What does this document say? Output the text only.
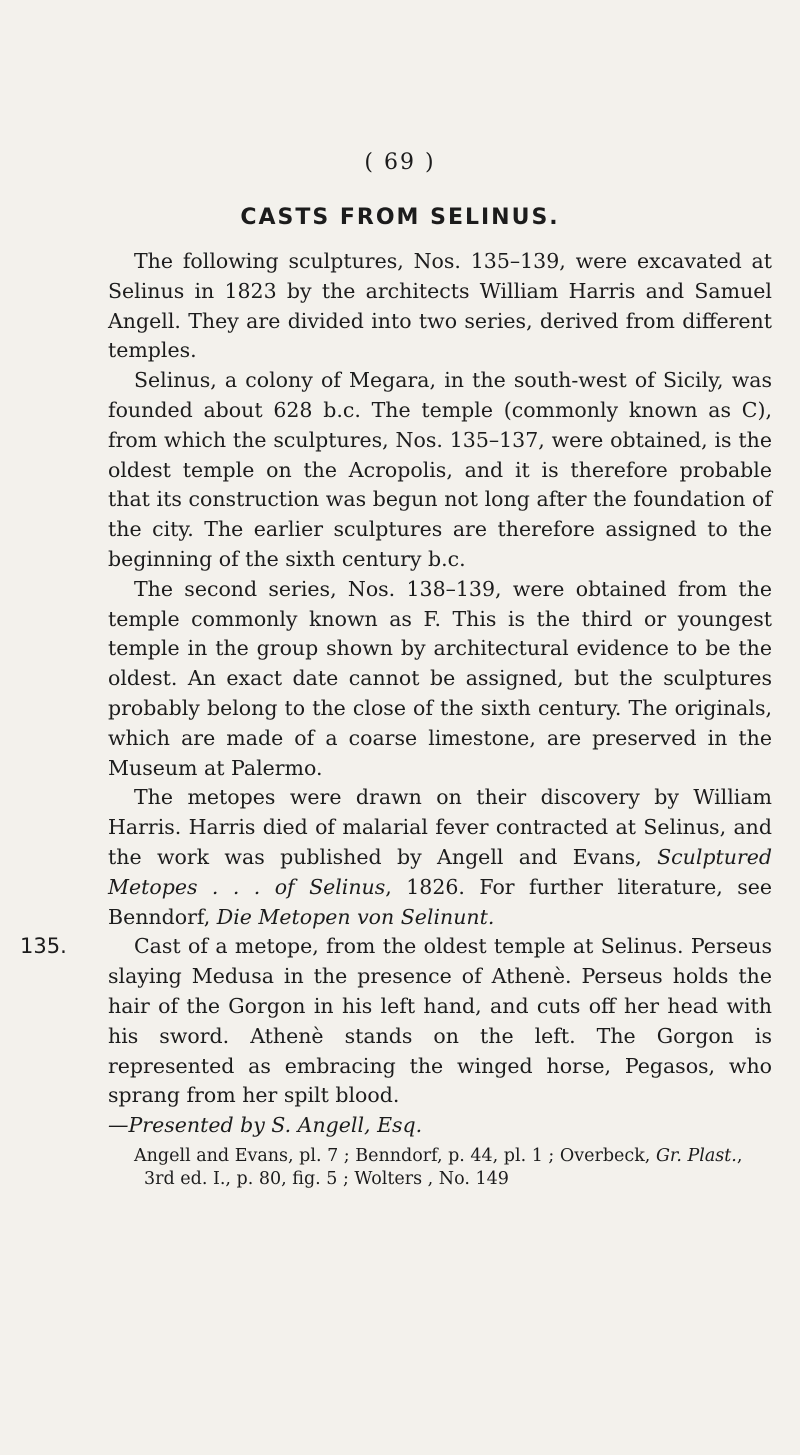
( 69 )
CASTS FROM SELINUS.

The following sculptures, Nos. 135–139, were excavated at Selinus in 1823 by the architects William Harris and Samuel Angell. They are divided into two series, derived from different temples.

Selinus, a colony of Megara, in the south-west of Sicily, was founded about 628 b.c. The temple (commonly known as C), from which the sculptures, Nos. 135–137, were obtained, is the oldest temple on the Acropolis, and it is therefore probable that its construction was begun not long after the foundation of the city. The earlier sculptures are therefore assigned to the beginning of the sixth century b.c.

The second series, Nos. 138–139, were obtained from the temple commonly known as F. This is the third or youngest temple in the group shown by architectural evidence to be the oldest. An exact date cannot be assigned, but the sculptures probably belong to the close of the sixth century. The originals, which are made of a coarse limestone, are preserved in the Museum at Palermo.

The metopes were drawn on their discovery by William Harris. Harris died of malarial fever contracted at Selinus, and the work was published by Angell and Evans, Sculptured Metopes . . . of Selinus, 1826. For further literature, see Benndorf, Die Metopen von Selinunt.

135.	Cast of a metope, from the oldest temple at Selinus. Perseus slaying Medusa in the presence of Athenè. Perseus holds the hair of the Gorgon in his left hand, and cuts off her head with his sword. Athenè stands on the left. The Gorgon is represented as embracing the winged horse, Pegasos, who sprang from her spilt blood.
—Presented by S. Angell, Esq.
Angell and Evans, pl. 7 ; Benndorf, p. 44, pl. 1 ; Overbeck, Gr. Plast.,
3rd ed. I., p. 80, fig. 5 ; Wolters , No. 149
